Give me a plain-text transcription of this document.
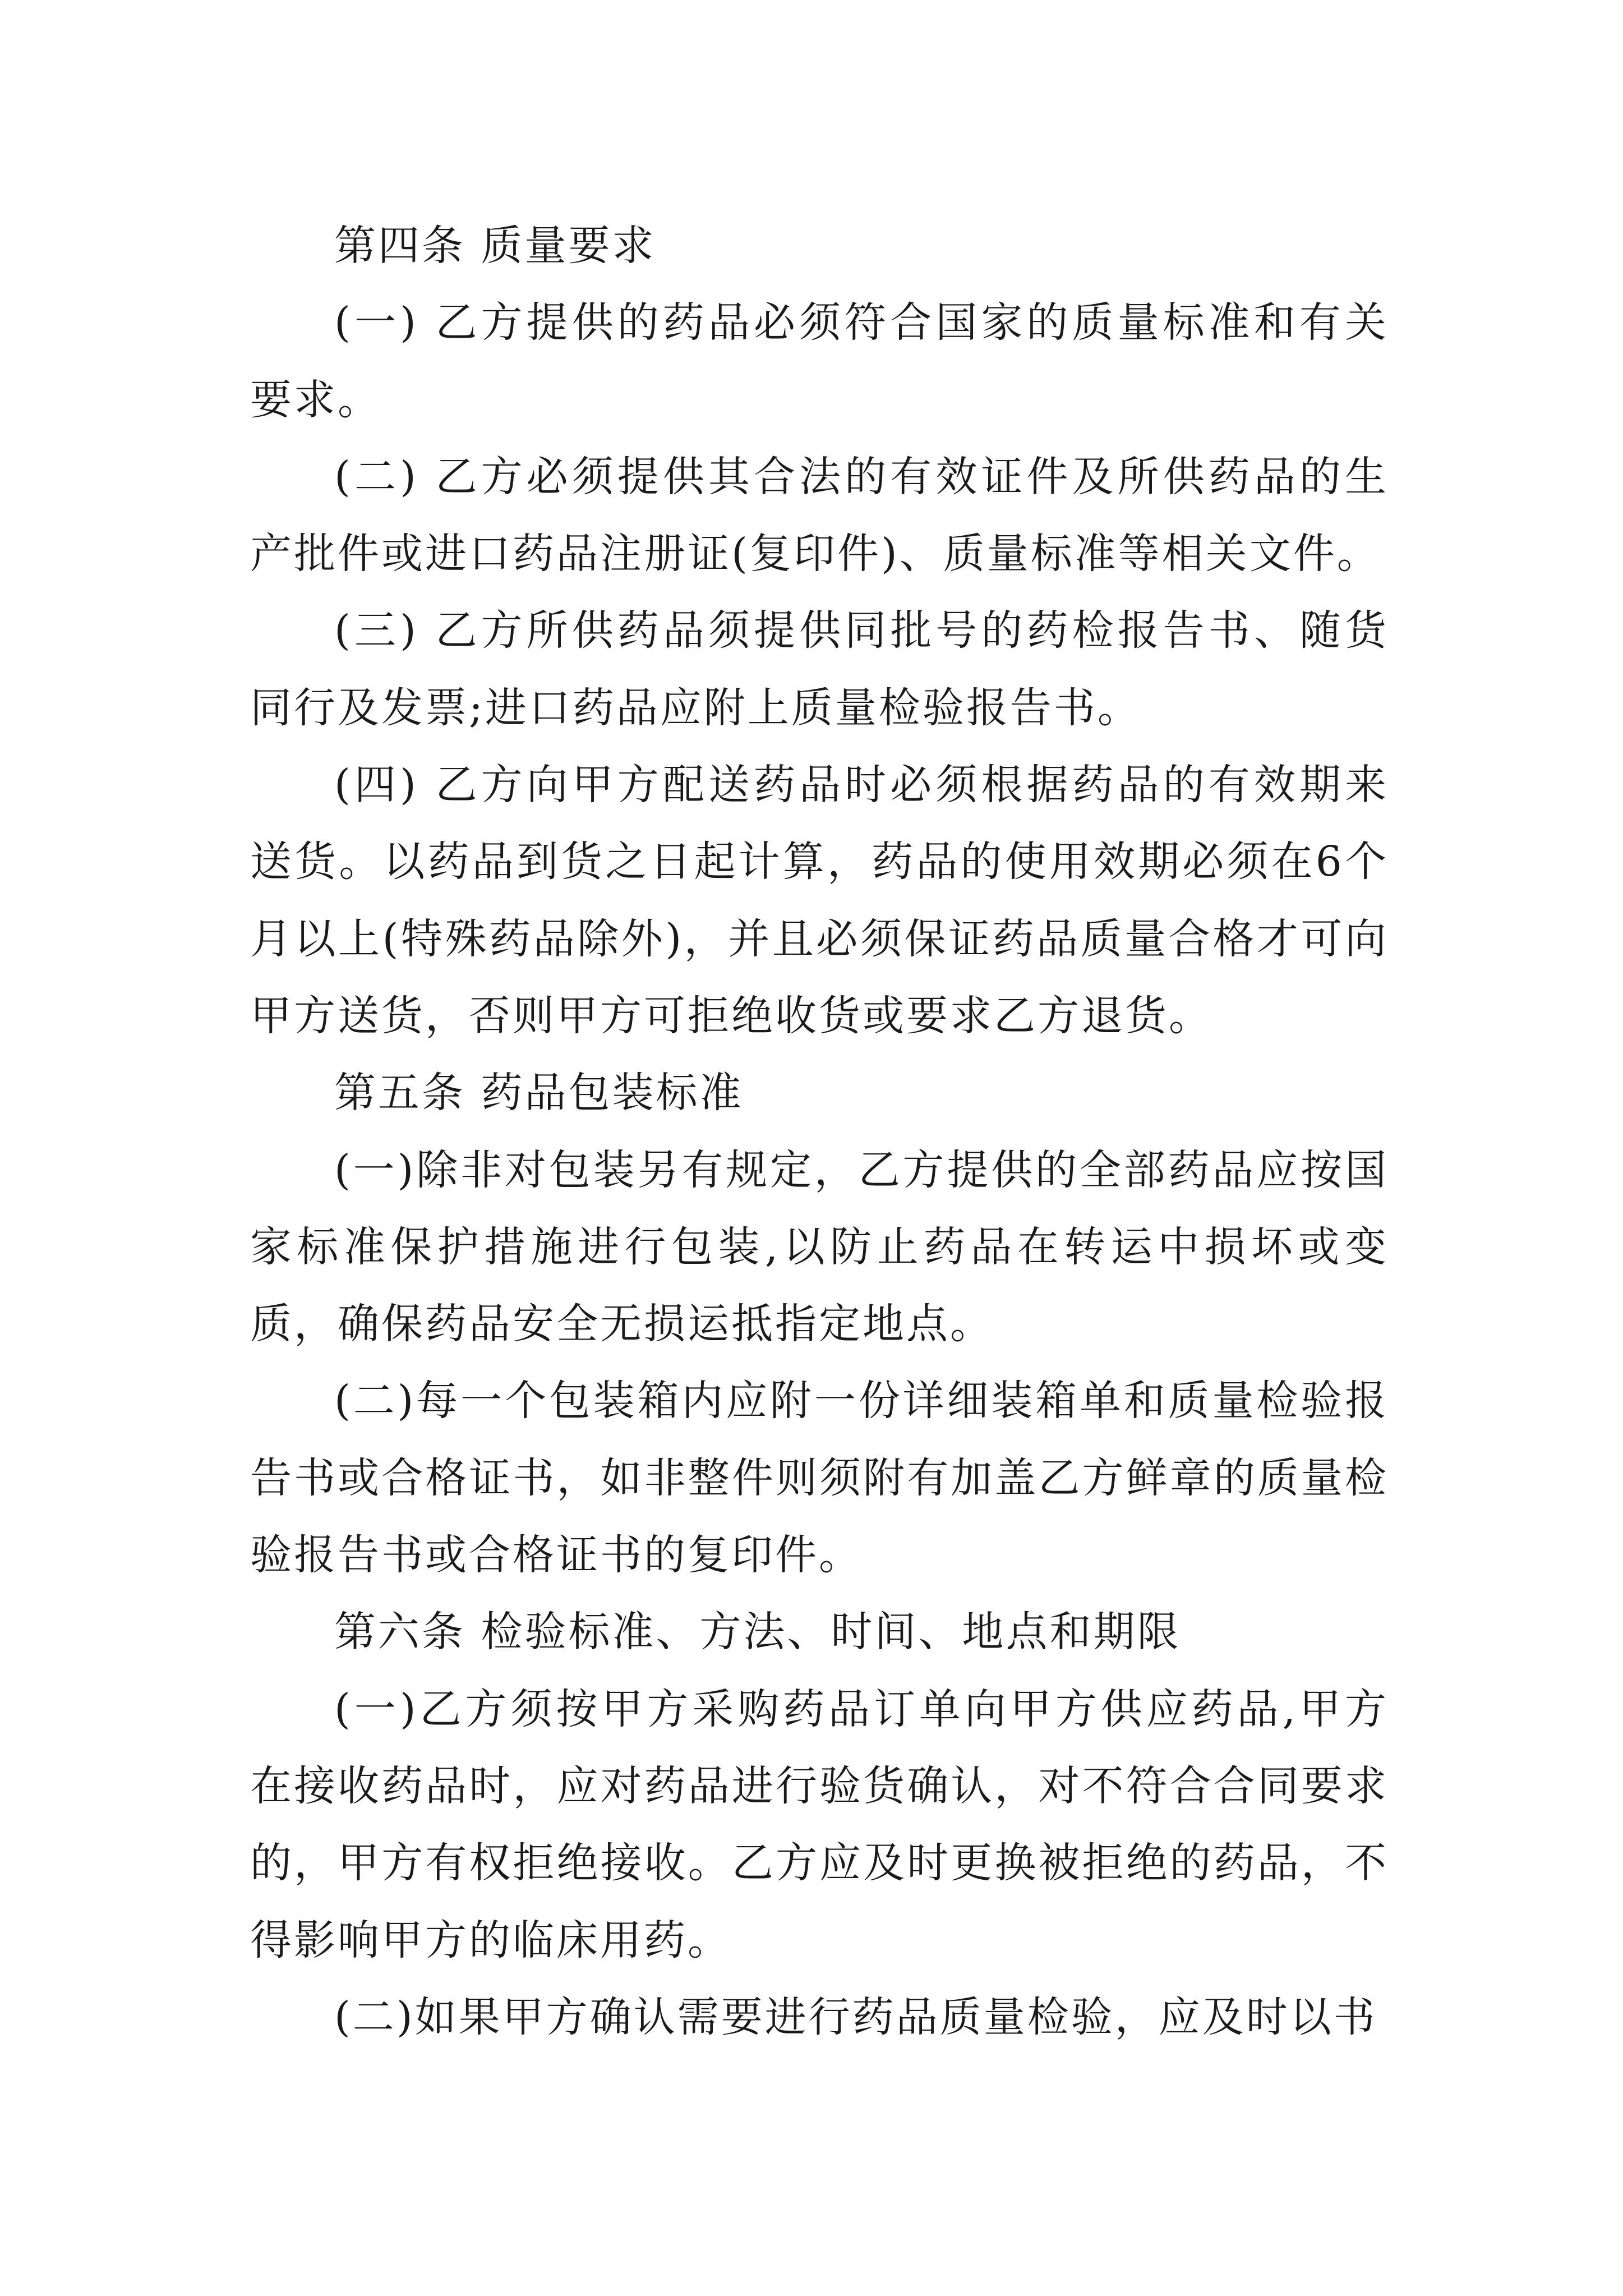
第四条 质量要求

(一) 乙方提供的药品必须符合国家的质量标准和有关要求。

(二) 乙方必须提供其合法的有效证件及所供药品的生产批件或进口药品注册证(复印件)、质量标准等相关文件。

(三) 乙方所供药品须提供同批号的药检报告书、随货同行及发票;进口药品应附上质量检验报告书。

(四) 乙方向甲方配送药品时必须根据药品的有效期来送货。以药品到货之日起计算，药品的使用效期必须在6个月以上(特殊药品除外)，并且必须保证药品质量合格才可向甲方送货，否则甲方可拒绝收货或要求乙方退货。

第五条 药品包装标准

(一)除非对包装另有规定，乙方提供的全部药品应按国家标准保护措施进行包装,以防止药品在转运中损坏或变质，确保药品安全无损运抵指定地点。

(二)每一个包装箱内应附一份详细装箱单和质量检验报告书或合格证书，如非整件则须附有加盖乙方鲜章的质量检验报告书或合格证书的复印件。

第六条 检验标准、方法、时间、地点和期限

(一)乙方须按甲方采购药品订单向甲方供应药品,甲方在接收药品时，应对药品进行验货确认，对不符合合同要求的，甲方有权拒绝接收。乙方应及时更换被拒绝的药品，不得影响甲方的临床用药。

(二)如果甲方确认需要进行药品质量检验，应及时以书
